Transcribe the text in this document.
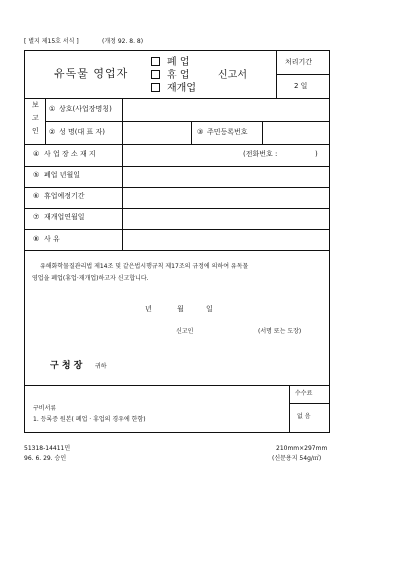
[ 별지 제15호 서식 ]	(개정 92. 8. 8)
유독물 영업자
폐 업
휴 업
재개업
신고서
처리기간
2 일
보
고
인
① 상호(사업장명칭)
② 성 명(대 표 자)	③ 주민등록번호
④ 사 업 장 소 재 지	(전화번호 :	)
⑤ 폐업 년월일
⑥ 휴업예정기간
⑦ 재개업연월일
⑧ 사 유
유해화학물질관리법 제14조 및 같은법시행규칙 제17조의 규정에 의하여 유독물
영업을 폐업(휴업·재개업)하고자 신고합니다.
년	월	일
신고인	(서명 또는 도장)
구 청 장 귀하
구비서류
1. 등록증 원본( 폐업 · 휴업의 경우에 한함)
수수료
없 음
51318-14411민
96. 6. 29. 승인
210mm×297mm
(신문용지 54g/㎡)
